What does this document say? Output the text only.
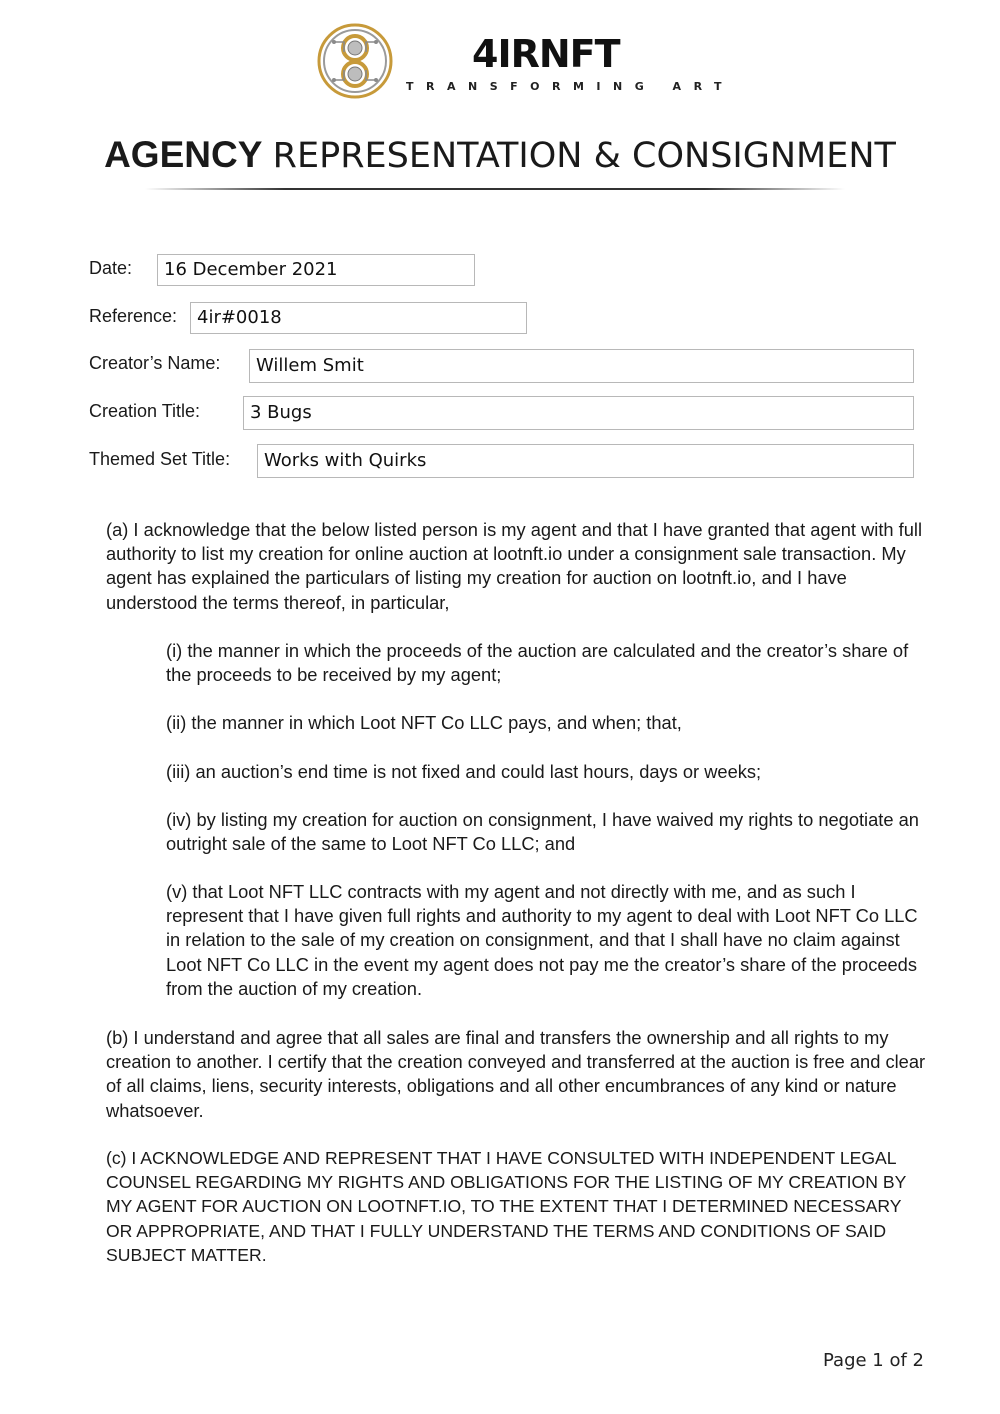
4IRNFT
TRANSFORMING ART
AGENCY REPRESENTATION & CONSIGNMENT
Date:	16 December 2021
Reference:	4ir#0018
Creator’s Name:	Willem Smit
Creation Title:	3 Bugs
Themed Set Title:	Works with Quirks

(a) I acknowledge that the below listed person is my agent and that I have granted that agent with full authority to list my creation for online auction at lootnft.io under a consignment sale transaction. My agent has explained the particulars of listing my creation for auction on lootnft.io, and I have understood the terms thereof, in particular,

(i) the manner in which the proceeds of the auction are calculated and the creator’s share of the proceeds to be received by my agent;

(ii) the manner in which Loot NFT Co LLC pays, and when; that,

(iii) an auction’s end time is not fixed and could last hours, days or weeks;

(iv) by listing my creation for auction on consignment, I have waived my rights to negotiate an outright sale of the same to Loot NFT Co LLC; and

(v) that Loot NFT LLC contracts with my agent and not directly with me, and as such I represent that I have given full rights and authority to my agent to deal with Loot NFT Co LLC in relation to the sale of my creation on consignment, and that I shall have no claim against Loot NFT Co LLC in the event my agent does not pay me the creator’s share of the proceeds from the auction of my creation.

(b) I understand and agree that all sales are final and transfers the ownership and all rights to my creation to another. I certify that the creation conveyed and transferred at the auction is free and clear of all claims, liens, security interests, obligations and all other encumbrances of any kind or nature whatsoever.

(c) I ACKNOWLEDGE AND REPRESENT THAT I HAVE CONSULTED WITH INDEPENDENT LEGAL COUNSEL REGARDING MY RIGHTS AND OBLIGATIONS FOR THE LISTING OF MY CREATION BY MY AGENT FOR AUCTION ON LOOTNFT.IO, TO THE EXTENT THAT I DETERMINED NECESSARY OR APPROPRIATE, AND THAT I FULLY UNDERSTAND THE TERMS AND CONDITIONS OF SAID SUBJECT MATTER.

Page 1 of 2
